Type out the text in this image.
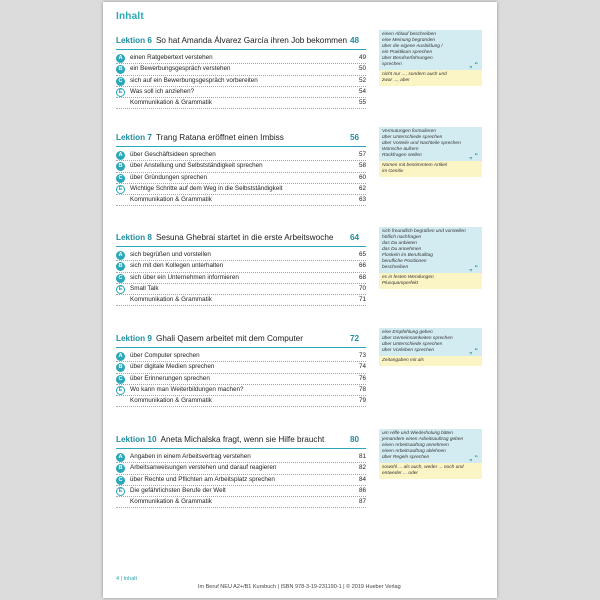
Inhalt
Lektion 6 So hat Amanda Álvarez García ihren Job bekommen 48
A	einen Ratgebertext verstehen	49
B	ein Bewerbungsgespräch verstehen	50
C	sich auf ein Bewerbungsgespräch vorbereiten	52
E	Was soll ich anziehen?	54
Kommunikation & Grammatik	55
einen Ablauf beschreiben
eine Meinung begründen
über die eigene Ausbildung /
ein Praktikum sprechen
über Berufserfahrungen
sprechen	„ “
nicht nur ..., sondern auch und
zwar ..., aber
Lektion 7 Trang Ratana eröffnet einen Imbiss	56
A	über Geschäftsideen sprechen	57
B	über Anstellung und Selbstständigkeit sprechen	58
C	über Gründungen sprechen	60
E	Wichtige Schritte auf dem Weg in die Selbstständigkeit	62
Kommunikation & Grammatik	63
Vermutungen formulieren
über Unterschiede sprechen
über Vorteile und Nachteile sprechen
Wünsche äußern
Rückfragen stellen	„ “
Nomen mit bestimmtem Artikel
im Genitiv
Lektion 8 Sesuna Ghebrai startet in die erste Arbeitswoche 64
A	sich begrüßen und vorstellen	65
B	sich mit den Kollegen unterhalten	66
C	sich über ein Unternehmen informieren	68
E	Small Talk	70
Kommunikation & Grammatik	71
sich freundlich begrüßen und vorstellen
höflich nachfragen
das Du anbieten
das Du annehmen
Floskeln im Berufsalltag
berufliche Positionen
beschreiben	„ “
es in festen Wendungen
Plusquamperfekt
Lektion 9 Ghali Qasem arbeitet mit dem Computer	72
A	über Computer sprechen	73
B	über digitale Medien sprechen	74
C	über Erinnerungen sprechen	76
E	Wo kann man Weiterbildungen machen?	78
Kommunikation & Grammatik	79
eine Empfehlung geben
über Gemeinsamkeiten sprechen
über Unterschiede sprechen
über Vorlieben sprechen	„ “
Zeitangaben mit als
Lektion 10 Aneta Michalska fragt, wenn sie Hilfe braucht	80
A	Angaben in einem Arbeitsvertrag verstehen	81
B	Arbeitsanweisungen verstehen und darauf reagieren	82
C	über Rechte und Pflichten am Arbeitsplatz sprechen	84
E	Die gefährlichsten Berufe der Welt	86
Kommunikation & Grammatik	87
um Hilfe und Wiederholung bitten
jemandem einen Arbeitsauftrag geben
einen Arbeitsauftrag annehmen
einen Arbeitsauftrag ablehnen
über Regeln sprechen	„ “
sowohl ... als auch, weder ... noch und
entweder ... oder
4 | Inhalt
Im Beruf NEU A2+/B1 Kursbuch | ISBN 978-3-19-231190-1 | © 2019 Hueber Verlag
